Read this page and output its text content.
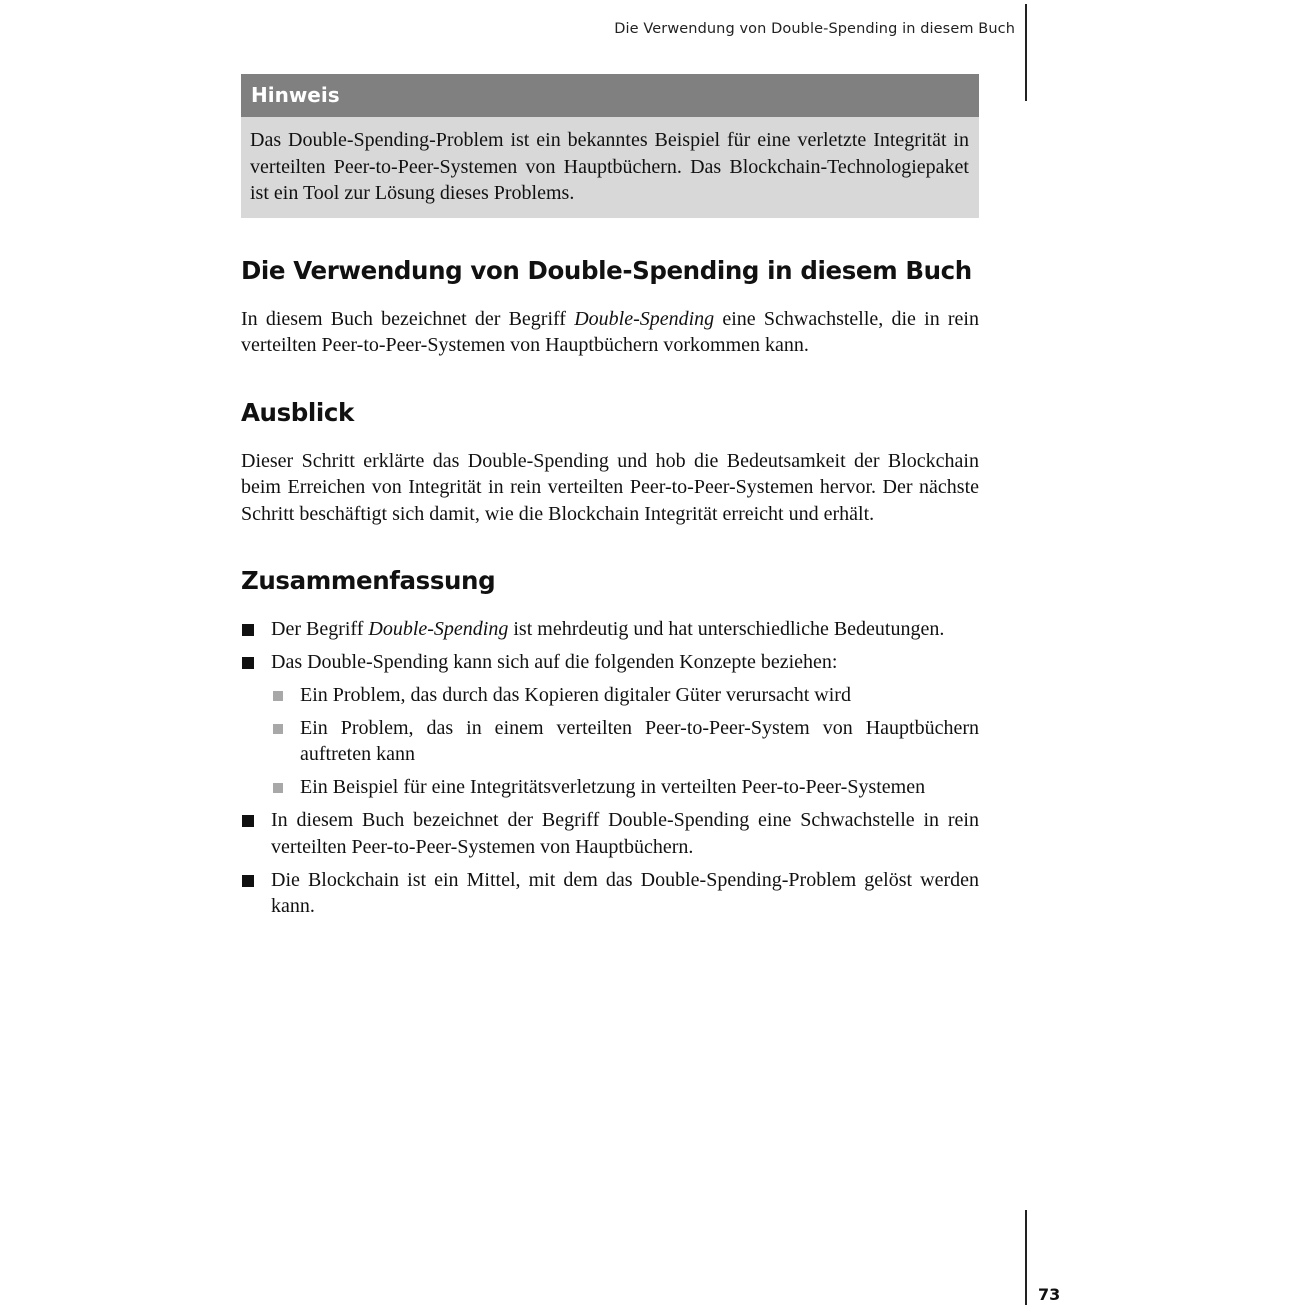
Die Verwendung von Double-Spending in diesem Buch
73
Hinweis
Das Double-Spending-Problem ist ein bekanntes Beispiel für eine verletzte Integrität in verteilten Peer-to-Peer-Systemen von Hauptbüchern. Das Blockchain-Technologiepaket ist ein Tool zur Lösung dieses Problems.
Die Verwendung von Double-Spending in diesem Buch

In diesem Buch bezeichnet der Begriff Double-Spending eine Schwachstelle, die in rein verteilten Peer-to-Peer-Systemen von Hauptbüchern vorkommen kann.

Ausblick

Dieser Schritt erklärte das Double-Spending und hob die Bedeutsamkeit der Blockchain beim Erreichen von Integrität in rein verteilten Peer-to-Peer-Systemen hervor. Der nächste Schritt beschäftigt sich damit, wie die Blockchain Integrität erreicht und erhält.

Zusammenfassung
Der Begriff Double-Spending ist mehrdeutig und hat unterschiedliche Bedeutungen.
Das Double-Spending kann sich auf die folgenden Konzepte beziehen:
Ein Problem, das durch das Kopieren digitaler Güter verursacht wird
Ein Problem, das in einem verteilten Peer-to-Peer-System von Hauptbüchern auftreten kann
Ein Beispiel für eine Integritätsverletzung in verteilten Peer-to-Peer-Systemen
In diesem Buch bezeichnet der Begriff Double-Spending eine Schwachstelle in rein verteilten Peer-to-Peer-Systemen von Hauptbüchern.
Die Blockchain ist ein Mittel, mit dem das Double-Spending-Problem gelöst werden kann.
